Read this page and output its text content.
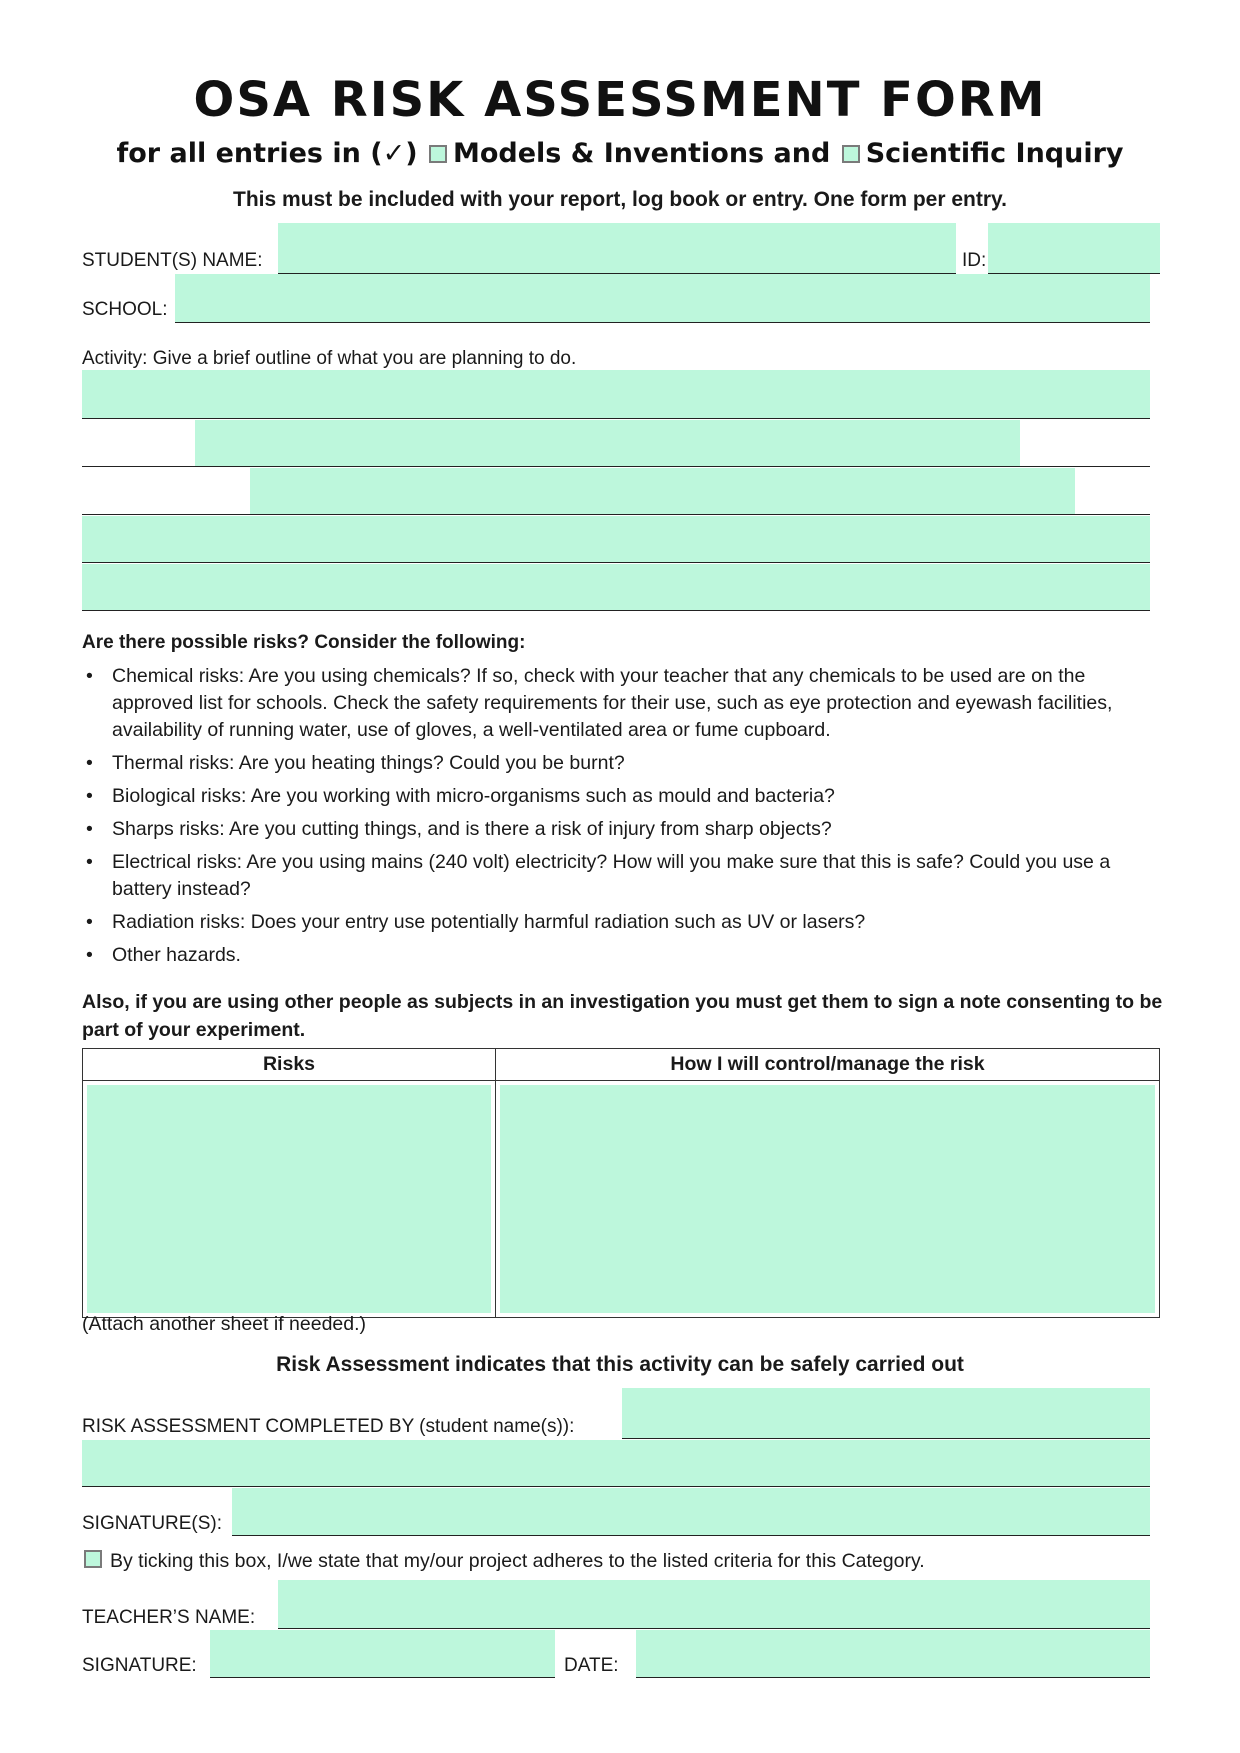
OSA RISK ASSESSMENT FORM
for all entries in (✓) Models & Inventions and Scientific Inquiry
This must be included with your report, log book or entry. One form per entry.
STUDENT(S) NAME:	ID:
SCHOOL:
Activity: Give a brief outline of what you are planning to do.
Are there possible risks? Consider the following:
• Chemical risks: Are you using chemicals? If so, check with your teacher that any chemicals to be used are on the approved list for schools. Check the safety requirements for their use, such as eye protection and eyewash facilities, availability of running water, use of gloves, a well-ventilated area or fume cupboard.
• Thermal risks: Are you heating things? Could you be burnt?
• Biological risks: Are you working with micro-organisms such as mould and bacteria?
• Sharps risks: Are you cutting things, and is there a risk of injury from sharp objects?
• Electrical risks: Are you using mains (240 volt) electricity? How will you make sure that this is safe? Could you use a battery instead?
• Radiation risks: Does your entry use potentially harmful radiation such as UV or lasers?
• Other hazards.
Also, if you are using other people as subjects in an investigation you must get them to sign a note consenting to be part of your experiment.
Risks	How I will control/manage the risk

(Attach another sheet if needed.)
Risk Assessment indicates that this activity can be safely carried out
RISK ASSESSMENT COMPLETED BY (student name(s)):
SIGNATURE(S):
By ticking this box, I/we state that my/our project adheres to the listed criteria for this Category.
TEACHER’S NAME:
SIGNATURE:	DATE:
